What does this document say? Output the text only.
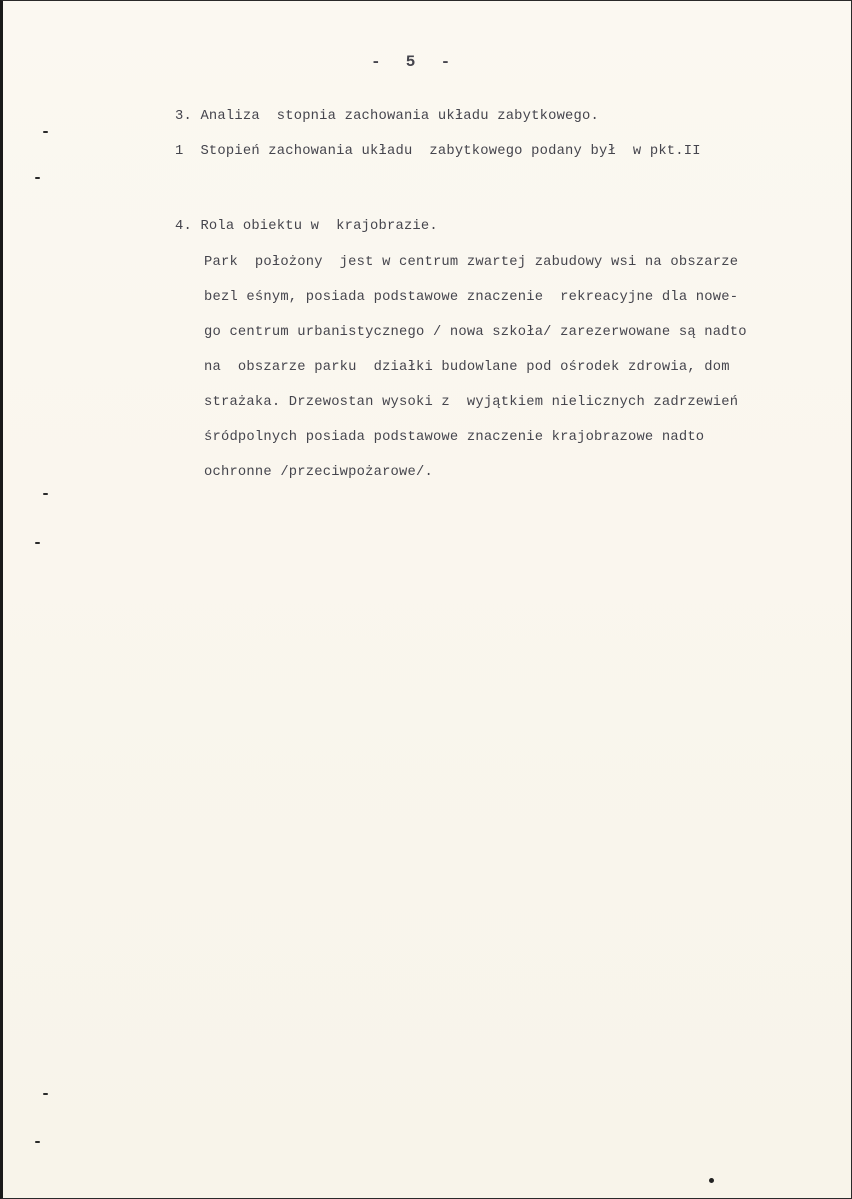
-  5  -
3. Analiza  stopnia zachowania układu zabytkowego.
1  Stopień zachowania układu  zabytkowego podany był  w pkt.II
4. Rola obiektu w  krajobrazie.
Park  położony  jest w centrum zwartej zabudowy wsi na obszarze
bezl eśnym, posiada podstawowe znaczenie  rekreacyjne dla nowe-
go centrum urbanistycznego / nowa szkoła/ zarezerwowane są nadto
na  obszarze parku  działki budowlane pod ośrodek zdrowia, dom
strażaka. Drzewostan wysoki z  wyjątkiem nielicznych zadrzewień
śródpolnych posiada podstawowe znaczenie krajobrazowe nadto
ochronne /przeciwpożarowe/.
